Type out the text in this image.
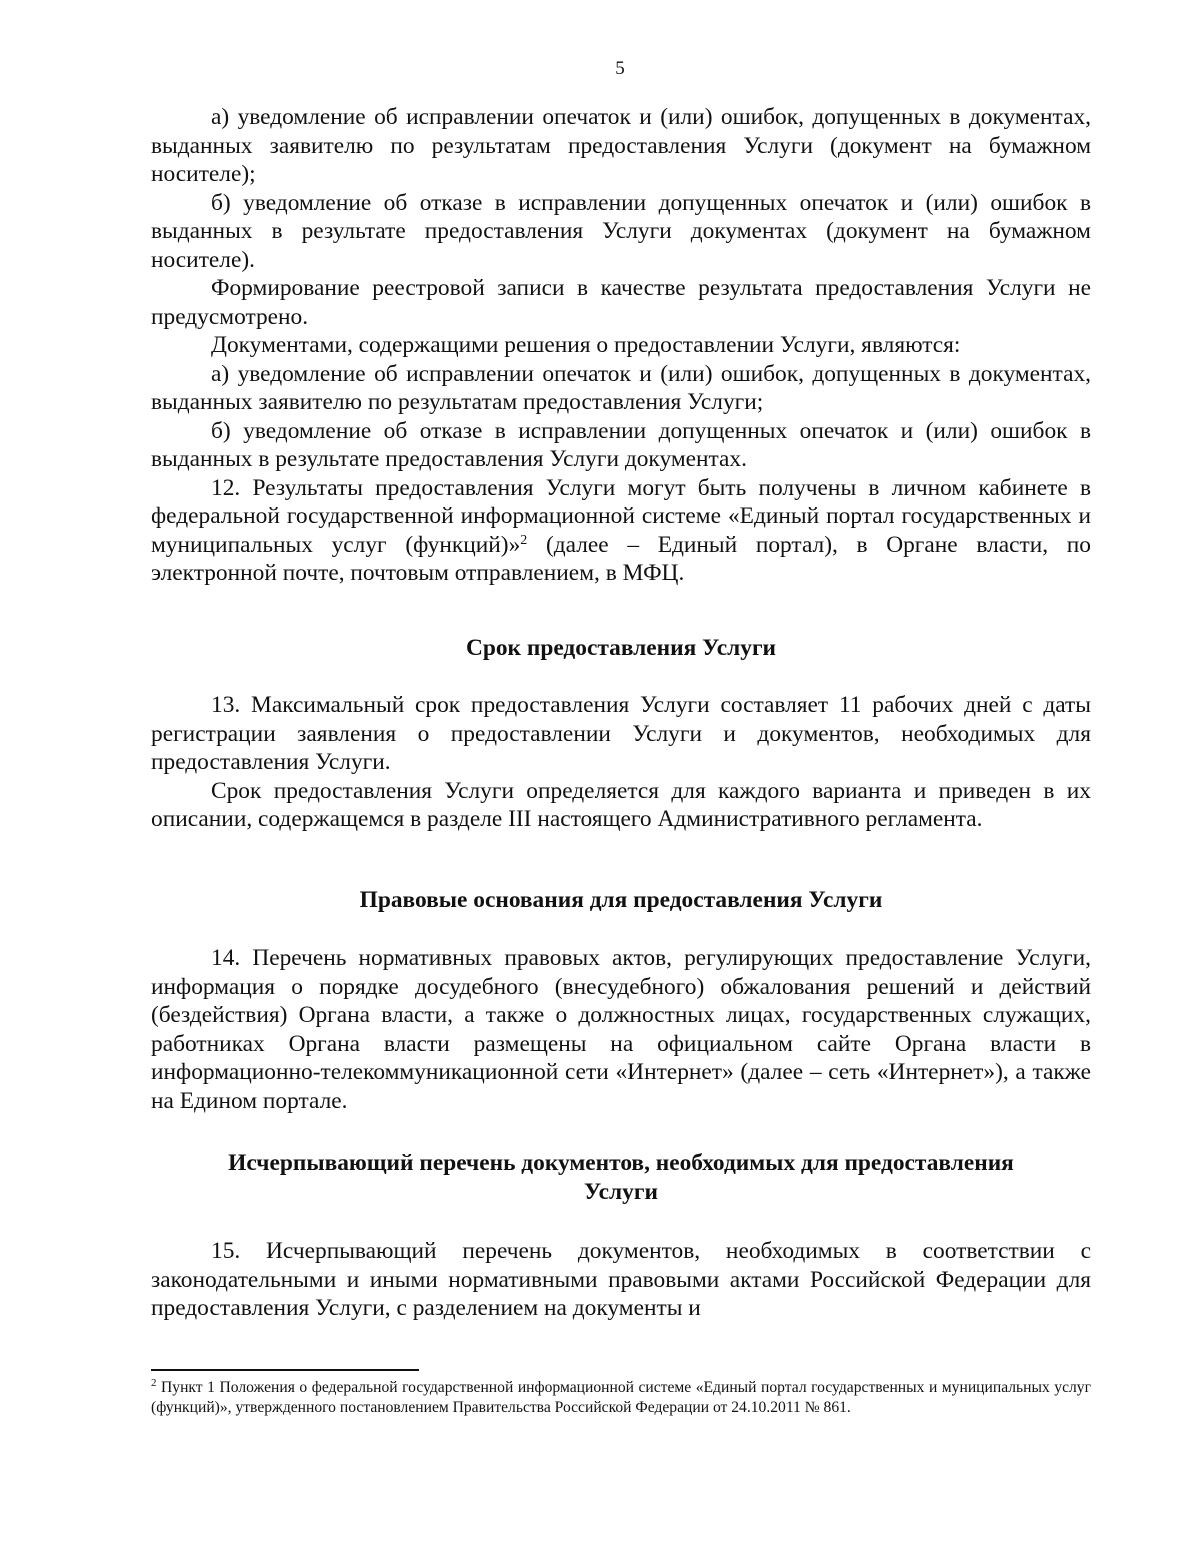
5

а) уведомление об исправлении опечаток и (или) ошибок, допущенных в документах, выданных заявителю по результатам предоставления Услуги (документ на бумажном носителе);

б) уведомление об отказе в исправлении допущенных опечаток и (или) ошибок в выданных в результате предоставления Услуги документах (документ на бумажном носителе).

Формирование реестровой записи в качестве результата предоставления Услуги не предусмотрено.

Документами, содержащими решения о предоставлении Услуги, являются:

а) уведомление об исправлении опечаток и (или) ошибок, допущенных в документах, выданных заявителю по результатам предоставления Услуги;

б) уведомление об отказе в исправлении допущенных опечаток и (или) ошибок в выданных в результате предоставления Услуги документах.

12. Результаты предоставления Услуги могут быть получены в личном кабинете в федеральной государственной информационной системе «Единый портал государственных и муниципальных услуг (функций)»$^2$ (далее – Единый портал), в Органе власти, по электронной почте, почтовым отправлением, в МФЦ.

Срок предоставления Услуги

13. Максимальный срок предоставления Услуги составляет 11 рабочих дней с даты регистрации заявления о предоставлении Услуги и документов, необходимых для предоставления Услуги.

Срок предоставления Услуги определяется для каждого варианта и приведен в их описании, содержащемся в разделе III настоящего Административного регламента.

Правовые основания для предоставления Услуги

14. Перечень нормативных правовых актов, регулирующих предоставление Услуги, информация о порядке досудебного (внесудебного) обжалования решений и действий (бездействия) Органа власти, а также о должностных лицах, государственных служащих, работниках Органа власти размещены на официальном сайте Органа власти в информационно-телекоммуникационной сети «Интернет» (далее – сеть «Интернет»), а также на Едином портале.

Исчерпывающий перечень документов, необходимых для предоставления
Услуги

15. Исчерпывающий перечень документов, необходимых в соответствии с законодательными и иными нормативными правовыми актами Российской Федерации для предоставления Услуги, с разделением на документы и

$^2$ Пункт 1 Положения о федеральной государственной информационной системе «Единый портал государственных и муниципальных услуг (функций)», утвержденного постановлением Правительства Российской Федерации от 24.10.2011 № 861.
